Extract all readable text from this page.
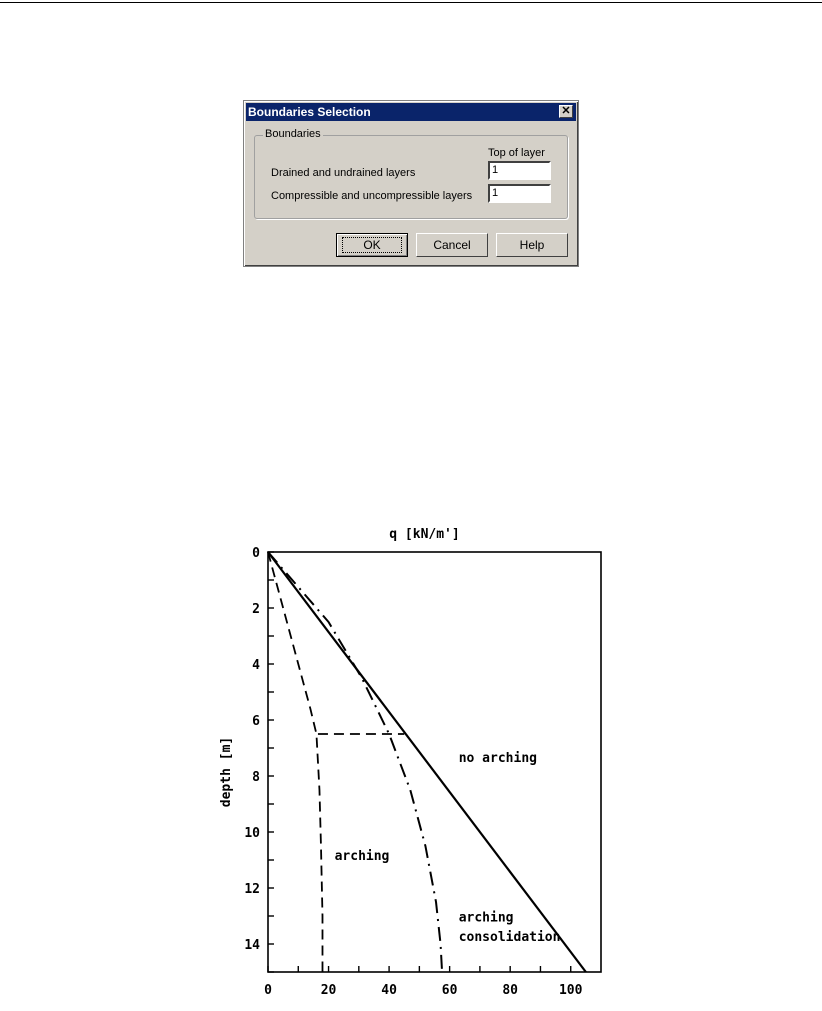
Boundaries Selection	✕
Boundaries
Top of layer
Drained and undrained layers	1
Compressible and uncompressible layers	1
OK	Cancel	Help
q [kN/m']
depth [m]
0
2
4
6
8
10
12
14
0	20	40	60	80	100
no arching
arching
arching
consolidation
